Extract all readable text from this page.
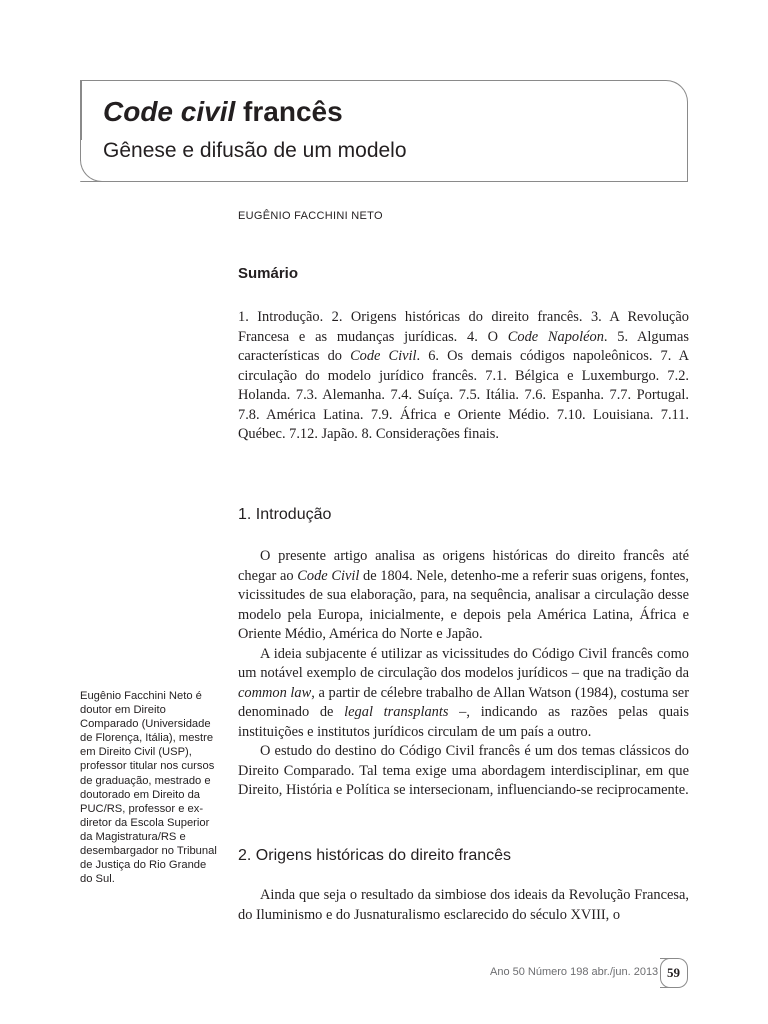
Code civil francês
Gênese e difusão de um modelo
EUGÊNIO FACCHINI NETO
Sumário
1. Introdução. 2. Origens históricas do direito francês. 3. A Revolução Francesa e as mudanças jurídicas. 4. O Code Napoléon. 5. Algumas características do Code Civil. 6. Os demais códigos napoleônicos. 7. A circulação do modelo jurídico francês. 7.1. Bélgica e Luxemburgo. 7.2. Holanda. 7.3. Alemanha. 7.4. Suíça. 7.5. Itália. 7.6. Espanha. 7.7. Portugal. 7.8. América Latina. 7.9. África e Oriente Médio. 7.10. Louisiana. 7.11. Québec. 7.12. Japão. 8. Considerações finais.
1. Introdução

O presente artigo analisa as origens históricas do direito francês até chegar ao Code Civil de 1804. Nele, detenho-me a referir suas origens, fontes, vicissitudes de sua elaboração, para, na sequência, analisar a circulação desse modelo pela Europa, inicialmente, e depois pela América Latina, África e Oriente Médio, América do Norte e Japão.

A ideia subjacente é utilizar as vicissitudes do Código Civil francês como um notável exemplo de circulação dos modelos jurídicos – que na tradição da common law, a partir de célebre trabalho de Allan Watson (1984), costuma ser denominado de legal transplants –, indicando as razões pelas quais instituições e institutos jurídicos circulam de um país a outro.

O estudo do destino do Código Civil francês é um dos temas clássicos do Direito Comparado. Tal tema exige uma abordagem interdisciplinar, em que Direito, História e Política se intersecionam, influenciando-se reciprocamente.

2. Origens históricas do direito francês

Ainda que seja o resultado da simbiose dos ideais da Revolução Francesa, do Iluminismo e do Jusnaturalismo esclarecido do século XVIII, o

Eugênio Facchini Neto é doutor em Direito Comparado (Universidade de Florença, Itália), mestre em Direito Civil (USP), professor titular nos cursos de graduação, mestrado e doutorado em Direito da PUC/RS, professor e ex-diretor da Escola Superior da Magistratura/RS e desembargador no Tribunal de Justiça do Rio Grande do Sul.
Ano 50 Número 198 abr./jun. 2013 59
